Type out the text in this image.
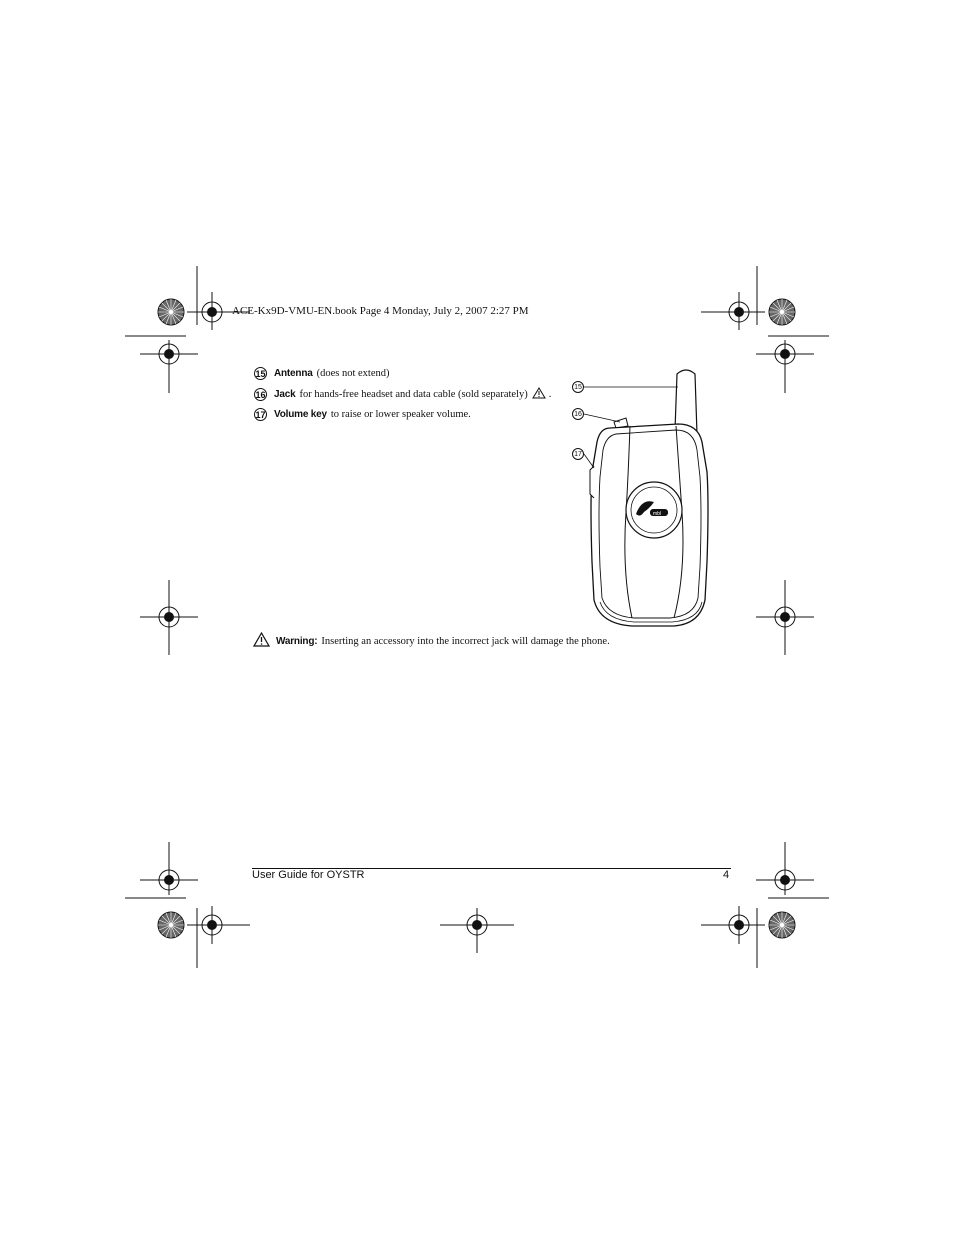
ACE-Kx9D-VMU-EN.book Page 4 Monday, July 2, 2007 2:27 PM
15 Antenna (does not extend)
16 Jack for hands-free headset and data cable (sold separately) .
17 Volume key to raise or lower speaker volume.
mbl
15
16
17
Warning: Inserting an accessory into the incorrect jack will damage the phone.
User Guide for OYSTR	4
